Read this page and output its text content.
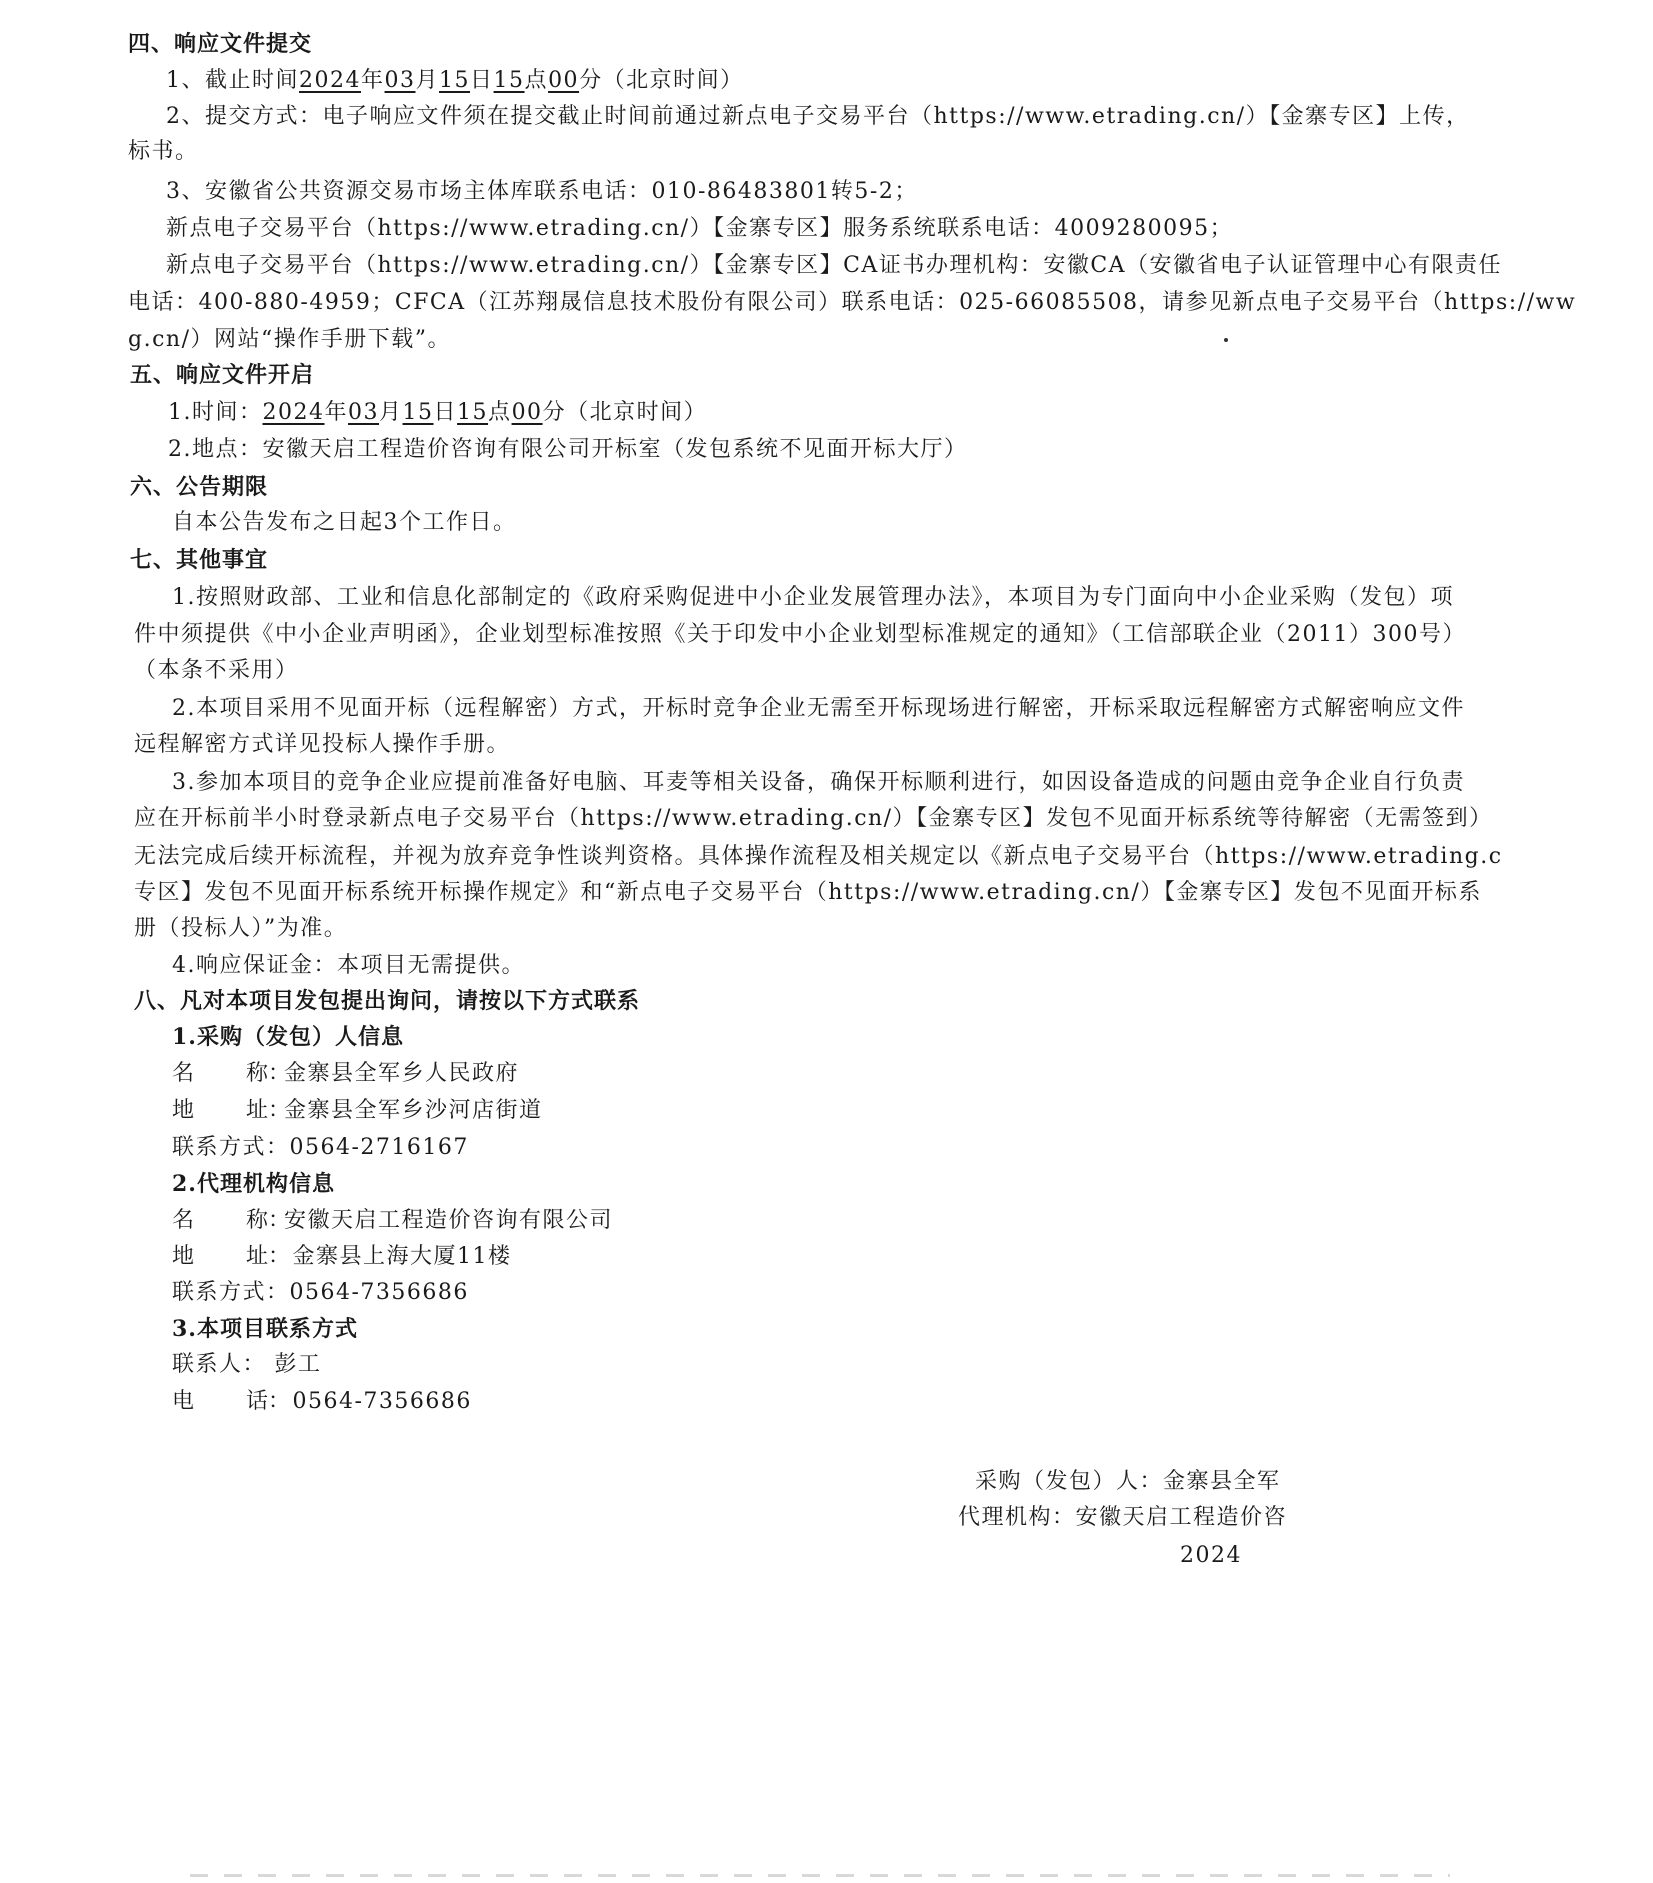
四、响应文件提交
1、截止时间2024年03月15日15点00分（北京时间）
2、提交方式：电子响应文件须在提交截止时间前通过新点电子交易平台（https://www.etrading.cn/）【金寨专区】上传，
标书。
3、安徽省公共资源交易市场主体库联系电话：010-86483801转5-2；
新点电子交易平台（https://www.etrading.cn/）【金寨专区】服务系统联系电话：4009280095；
新点电子交易平台（https://www.etrading.cn/）【金寨专区】CA证书办理机构：安徽CA（安徽省电子认证管理中心有限责任
电话：400-880-4959；CFCA（江苏翔晟信息技术股份有限公司）联系电话：025-66085508，请参见新点电子交易平台（https://ww
g.cn/）网站“操作手册下载”。
五、响应文件开启
1.时间：2024年03月15日15点00分（北京时间）
2.地点：安徽天启工程造价咨询有限公司开标室（发包系统不见面开标大厅）
六、公告期限
自本公告发布之日起3个工作日。
七、其他事宜
1.按照财政部、工业和信息化部制定的《政府采购促进中小企业发展管理办法》，本项目为专门面向中小企业采购（发包）项
件中须提供《中小企业声明函》，企业划型标准按照《关于印发中小企业划型标准规定的通知》（工信部联企业（2011）300号）
（本条不采用）
2.本项目采用不见面开标（远程解密）方式，开标时竞争企业无需至开标现场进行解密，开标采取远程解密方式解密响应文件
远程解密方式详见投标人操作手册。
3.参加本项目的竞争企业应提前准备好电脑、耳麦等相关设备，确保开标顺利进行，如因设备造成的问题由竞争企业自行负责
应在开标前半小时登录新点电子交易平台（https://www.etrading.cn/）【金寨专区】发包不见面开标系统等待解密（无需签到）
无法完成后续开标流程，并视为放弃竞争性谈判资格。具体操作流程及相关规定以《新点电子交易平台（https://www.etrading.c
专区】发包不见面开标系统开标操作规定》和“新点电子交易平台（https://www.etrading.cn/）【金寨专区】发包不见面开标系
册（投标人）”为准。
4.响应保证金：本项目无需提供。
八、凡对本项目发包提出询问，请按以下方式联系
1.采购（发包）人信息
名 称：金寨县全军乡人民政府
地 址：金寨县全军乡沙河店街道
联系方式：0564-2716167
2.代理机构信息
名 称：安徽天启工程造价咨询有限公司
地 址： 金寨县上海大厦11楼
联系方式：0564-7356686
3.本项目联系方式
联系人： 彭工
电 话： 0564-7356686
采购（发包）人：金寨县全军
代理机构：安徽天启工程造价咨
2024
